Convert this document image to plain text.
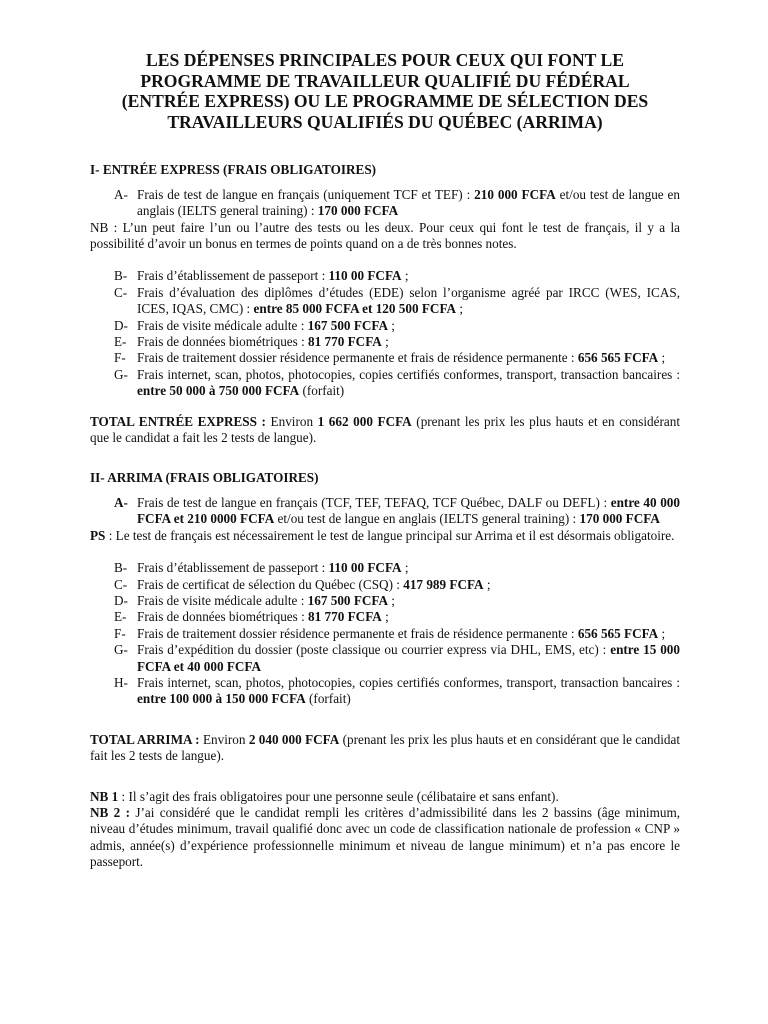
LES DÉPENSES PRINCIPALES POUR CEUX QUI FONT LE
PROGRAMME DE TRAVAILLEUR QUALIFIÉ DU FÉDÉRAL
(ENTRÉE EXPRESS) OU LE PROGRAMME DE SÉLECTION DES
TRAVAILLEURS QUALIFIÉS DU QUÉBEC (ARRIMA)
I- ENTRÉE EXPRESS (FRAIS OBLIGATOIRES)
A- Frais de test de langue en français (uniquement TCF et TEF) : 210 000 FCFA et/ou test de langue en anglais (IELTS general training) : 170 000 FCFA
NB : L’un peut faire l’un ou l’autre des tests ou les deux. Pour ceux qui font le test de français, il y a la possibilité d’avoir un bonus en termes de points quand on a de très bonnes notes.
B- Frais d’établissement de passeport : 110 00 FCFA ;
C- Frais d’évaluation des diplômes d’études (EDE) selon l’organisme agréé par IRCC (WES, ICAS, ICES, IQAS, CMC) : entre 85 000 FCFA et 120 500 FCFA ;
D- Frais de visite médicale adulte : 167 500 FCFA ;
E- Frais de données biométriques : 81 770 FCFA ;
F- Frais de traitement dossier résidence permanente et frais de résidence permanente : 656 565 FCFA ;
G- Frais internet, scan, photos, photocopies, copies certifiés conformes, transport, transaction bancaires : entre 50 000 à 750 000 FCFA (forfait)
TOTAL ENTRÉE EXPRESS : Environ 1 662 000 FCFA (prenant les prix les plus hauts et en considérant que le candidat a fait les 2 tests de langue).
II- ARRIMA (FRAIS OBLIGATOIRES)
A- Frais de test de langue en français (TCF, TEF, TEFAQ, TCF Québec, DALF ou DEFL) : entre 40 000 FCFA et 210 0000 FCFA et/ou test de langue en anglais (IELTS general training) : 170 000 FCFA
PS : Le test de français est nécessairement le test de langue principal sur Arrima et il est désormais obligatoire.
B- Frais d’établissement de passeport : 110 00 FCFA ;
C- Frais de certificat de sélection du Québec (CSQ) : 417 989 FCFA ;
D- Frais de visite médicale adulte : 167 500 FCFA ;
E- Frais de données biométriques : 81 770 FCFA ;
F- Frais de traitement dossier résidence permanente et frais de résidence permanente : 656 565 FCFA ;
G- Frais d’expédition du dossier (poste classique ou courrier express via DHL, EMS, etc) : entre 15 000 FCFA et 40 000 FCFA
H- Frais internet, scan, photos, photocopies, copies certifiés conformes, transport, transaction bancaires : entre 100 000 à 150 000 FCFA (forfait)
TOTAL ARRIMA : Environ 2 040 000 FCFA (prenant les prix les plus hauts et en considérant que le candidat fait les 2 tests de langue).
NB 1 : Il s’agit des frais obligatoires pour une personne seule (célibataire et sans enfant).
NB 2 : J’ai considéré que le candidat rempli les critères d’admissibilité dans les 2 bassins (âge minimum, niveau d’études minimum, travail qualifié donc avec un code de classification nationale de profession « CNP » admis, année(s) d’expérience professionnelle minimum et niveau de langue minimum) et n’a pas encore le passeport.
